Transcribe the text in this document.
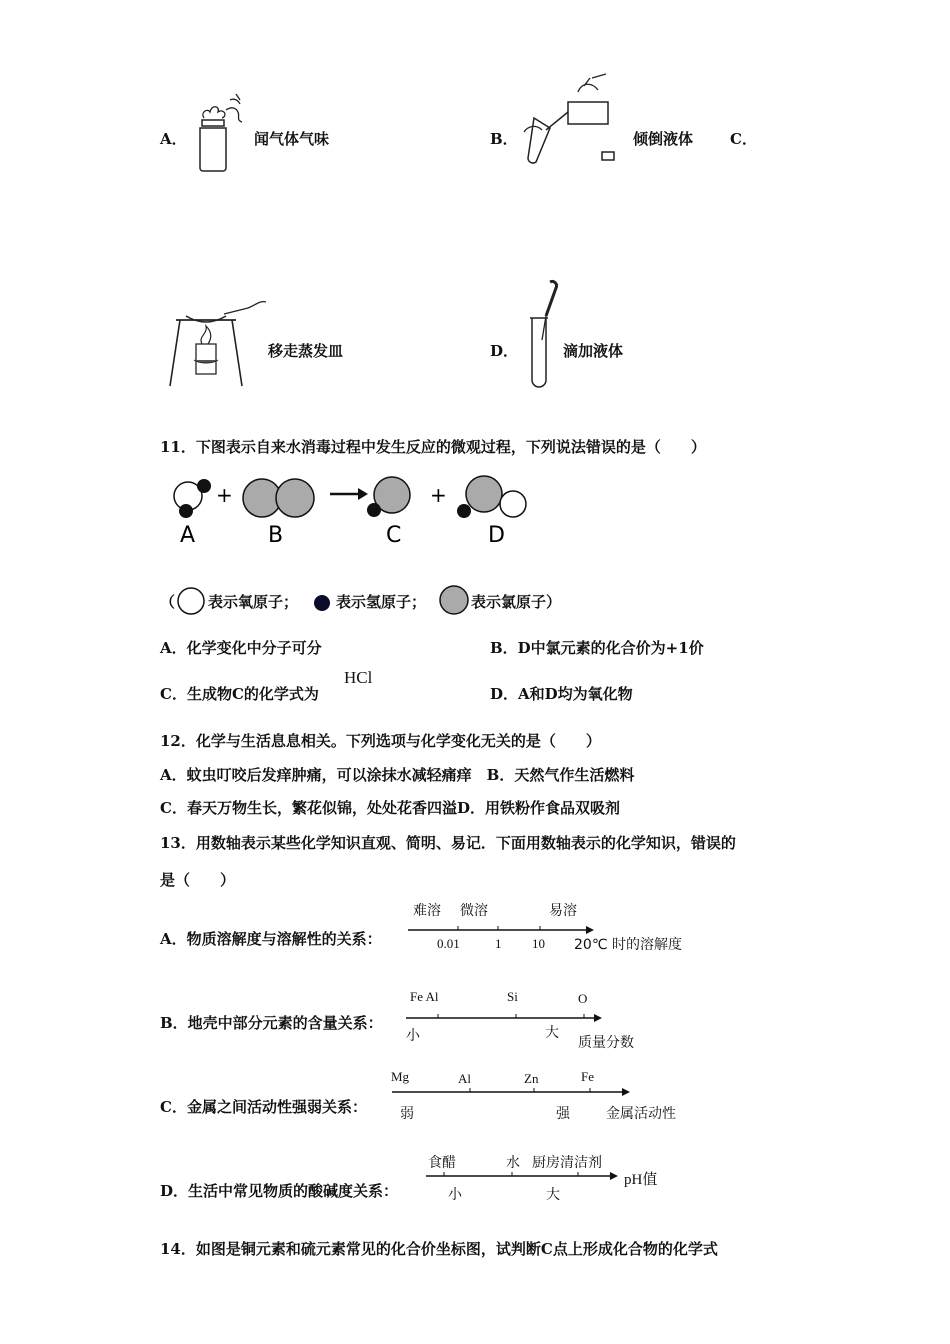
A．	闻气体气味	B．	倾倒液体 C．
移走蒸发皿	D．	滴加液体
11．下图表示自来水消毒过程中发生反应的微观过程，下列说法错误的是（　　）
+	+
A	B	C	D
（ 表示氧原子；	表示氢原子；	表示氯原子）
A．化学变化中分子可分	B．D中氯元素的化合价为+1价
C．生成物C的化学式为
HCl
D．A和D均为氧化物
12．化学与生活息息相关。下列选项与化学变化无关的是（　　）
A．蚊虫叮咬后发痒肿痛，可以涂抹水减轻痛痒　B．天然气作生活燃料
C．春天万物生长，繁花似锦，处处花香四溢D．用铁粉作食品双吸剂
13．用数轴表示某些化学知识直观、简明、易记．下面用数轴表示的化学知识，错误的
是（　　）
A．物质溶解度与溶解性的关系：
难溶 微溶	易溶
0.01	1 10 20℃ 时的溶解度
B．地壳中部分元素的含量关系：
Fe Al	Si	O
小	大
质量分数
C．金属之间活动性强弱关系：
Mg	Al	Zn	Fe
弱	强	金属活动性
D．生活中常见物质的酸碱度关系：
食醋	水 厨房清洁剂
小	大
pH值
14．如图是铜元素和硫元素常见的化合价坐标图，试判断C点上形成化合物的化学式
